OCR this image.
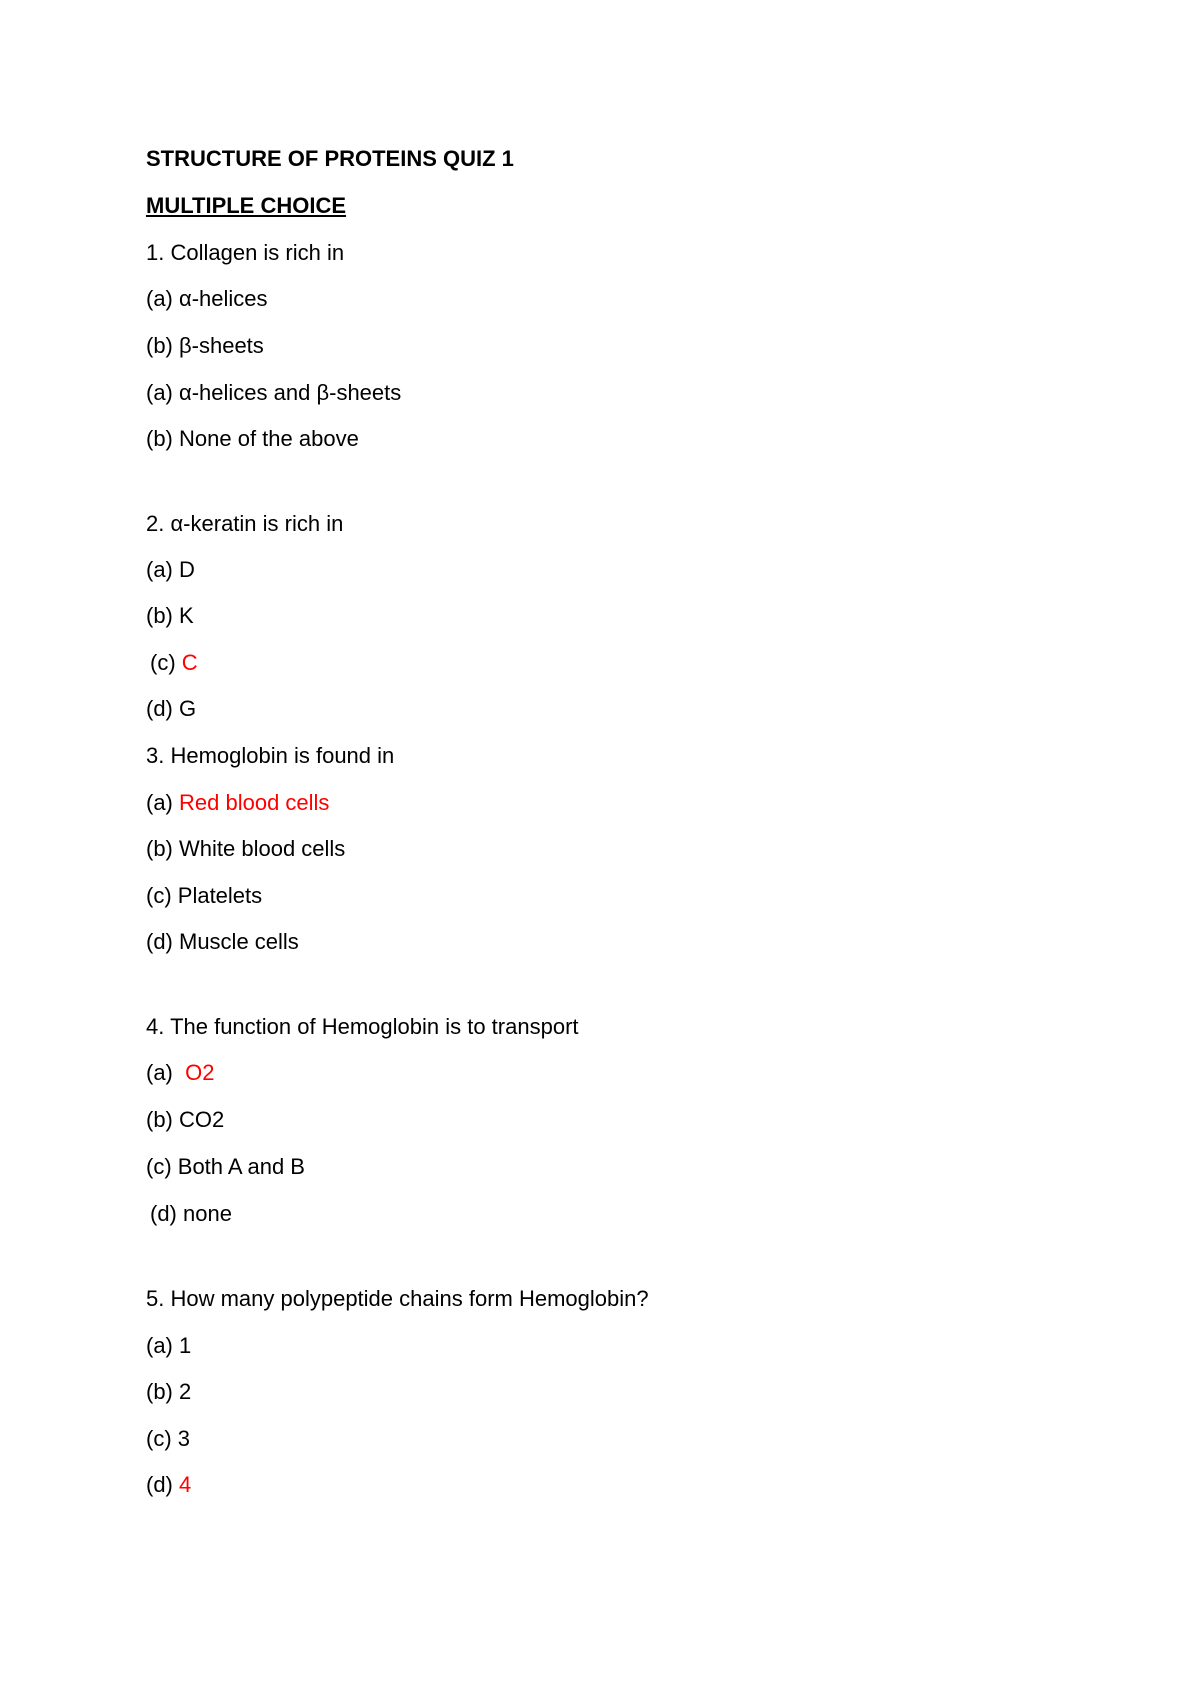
STRUCTURE OF PROTEINS QUIZ 1
MULTIPLE CHOICE
1. Collagen is rich in
(a) α-helices
(b) β-sheets
(a) α-helices and β-sheets
(b) None of the above
2. α-keratin is rich in
(a) D
(b) K
(c) C
(d) G
3. Hemoglobin is found in
(a) Red blood cells
(b) White blood cells
(c) Platelets
(d) Muscle cells
4. The function of Hemoglobin is to transport
(a)  O2
(b) CO2
(c) Both A and B
(d) none
5. How many polypeptide chains form Hemoglobin?
(a) 1
(b) 2
(c) 3
(d) 4
